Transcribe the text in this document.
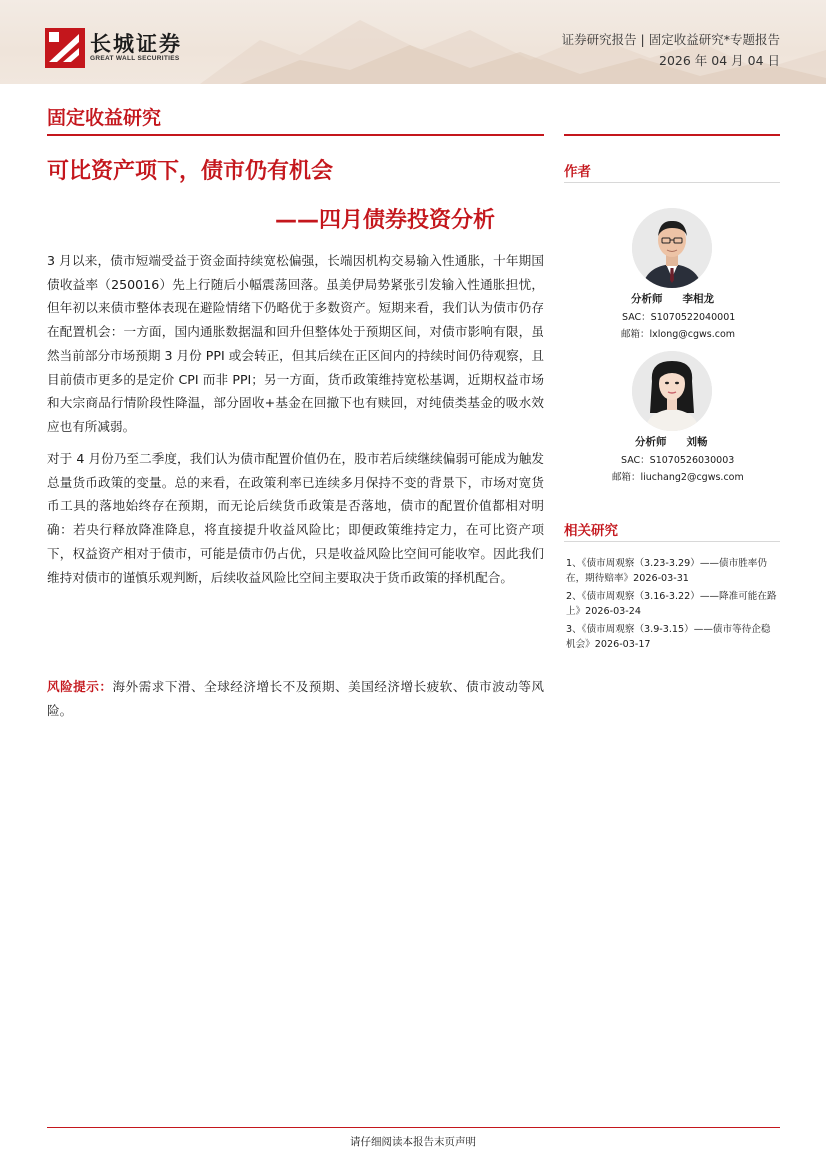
长城证券
GREAT WALL SECURITIES
证券研究报告 | 固定收益研究*专题报告
2026 年 04 月 04 日
固定收益研究
可比资产项下，债市仍有机会
——四月债券投资分析
3 月以来，债市短端受益于资金面持续宽松偏强，长端因机构交易输入性通胀，十年期国债收益率（250016）先上行随后小幅震荡回落。虽美伊局势紧张引发输入性通胀担忧，但年初以来债市整体表现在避险情绪下仍略优于多数资产。短期来看，我们认为债市仍存在配置机会：一方面，国内通胀数据温和回升但整体处于预期区间，对债市影响有限，虽然当前部分市场预期 3 月份 PPI 或会转正，但其后续在正区间内的持续时间仍待观察，且目前债市更多的是定价 CPI 而非 PPI；另一方面，货币政策维持宽松基调，近期权益市场和大宗商品行情阶段性降温，部分固收+基金在回撤下也有赎回，对纯债类基金的吸水效应也有所减弱。
对于 4 月份乃至二季度，我们认为债市配置价值仍在，股市若后续继续偏弱可能成为触发总量货币政策的变量。总的来看，在政策利率已连续多月保持不变的背景下，市场对宽货币工具的落地始终存在预期，而无论后续货币政策是否落地，债市的配置价值都相对明确：若央行释放降准降息，将直接提升收益风险比；即便政策维持定力，在可比资产项下，权益资产相对于债市，可能是债市仍占优，只是收益风险比空间可能收窄。因此我们维持对债市的谨慎乐观判断，后续收益风险比空间主要取决于货币政策的择机配合。
风险提示：海外需求下滑、全球经济增长不及预期、美国经济增长疲软、债市波动等风险。
作者
分析师 李相龙
SAC：S1070522040001
邮箱：lxlong@cgws.com
分析师 刘畅
SAC：S1070526030003
邮箱：liuchang2@cgws.com
相关研究
1、《债市周观察（3.23-3.29）——债市胜率仍在，期待赔率》2026-03-31
2、《债市周观察（3.16-3.22）——降准可能在路上》2026-03-24
3、《债市周观察（3.9-3.15）——债市等待企稳机会》2026-03-17
请仔细阅读本报告末页声明
